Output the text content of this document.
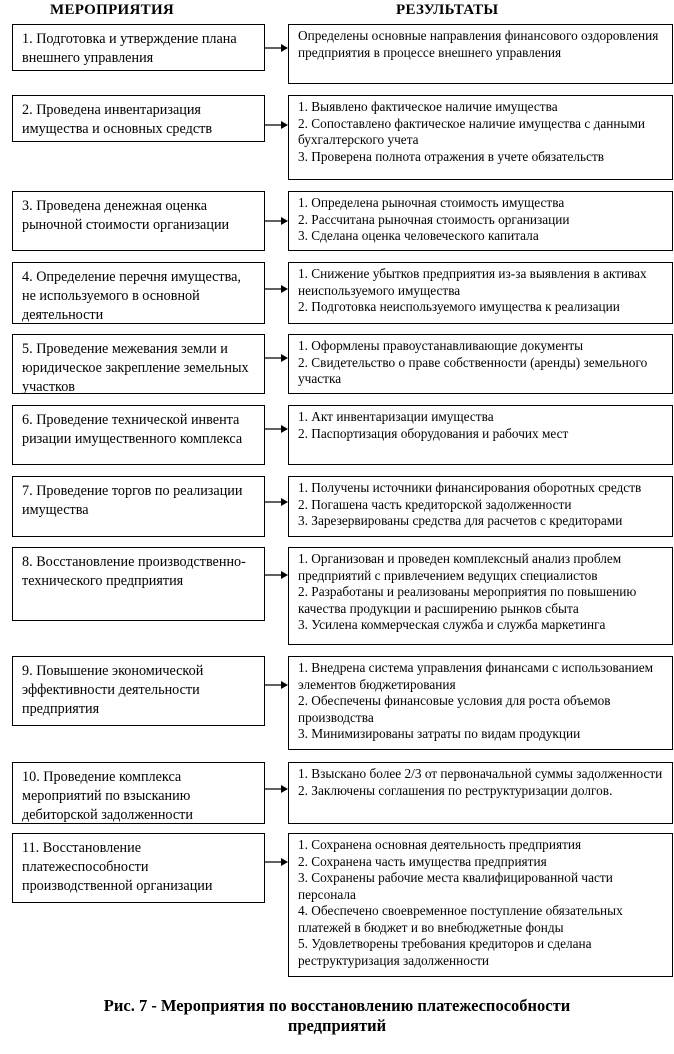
МЕРОПРИЯТИЯ	РЕЗУЛЬТАТЫ
1. Подготовка и утверждение плана внешнего управления
Определены основные направления финансового оздоровления предприятия в процессе внешнего управления
2. Проведена инвентаризация имущества и основных средств
1. Выявлено фактическое наличие имущества
2. Сопоставлено фактическое наличие имущества с данными бухгалтерского учета
3. Проверена полнота отражения в учете обязательств
3. Проведена денежная оценка рыночной стоимости организации
1. Определена рыночная стоимость имущества
2. Рассчитана рыночная стоимость организации
3. Сделана оценка человеческого капитала
4. Определение перечня имущества, не используемого в основной деятельности
1. Снижение убытков предприятия из-за выявления в активах неиспользуемого имущества
2. Подготовка неиспользуемого имущества к реализации
5. Проведение межевания земли и юридическое закрепление земельных участков
1. Оформлены правоустанавливающие документы
2. Свидетельство о праве собственности (аренды) земельного участка
6. Проведение технической инвента ризации имущественного комплекса
1. Акт инвентаризации имущества
2. Паспортизация оборудования и рабочих мест
7. Проведение торгов по реализации имущества
1. Получены источники финансирования оборотных средств
2. Погашена часть кредиторской задолженности
3. Зарезервированы средства для расчетов с кредиторами
8. Восстановление производственно-технического предприятия
1. Организован и проведен комплексный анализ проблем предприятий с привлечением ведущих специалистов
2. Разработаны и реализованы мероприятия по повышению качества продукции и расширению рынков сбыта
3. Усилена коммерческая служба и служба маркетинга
9. Повышение экономической эффективности деятельности предприятия
1. Внедрена система управления финансами с использованием элементов бюджетирования
2. Обеспечены финансовые условия для роста объемов производства
3. Минимизированы затраты по видам продукции
10. Проведение комплекса мероприятий по взысканию дебиторской задолженности
1. Взыскано более 2/3 от первоначальной суммы задолженности
2. Заключены соглашения по реструктуризации долгов.
11. Восстановление платежеспособности производственной организации
1. Сохранена основная деятельность предприятия
2. Сохранена часть имущества предприятия
3. Сохранены рабочие места квалифицированной части персонала
4. Обеспечено своевременное поступление обязательных платежей в бюджет и во внебюджетные фонды
5. Удовлетворены требования кредиторов и сделана реструктуризация задолженности
Рис. 7 - Мероприятия по восстановлению платежеспособности
предприятий
